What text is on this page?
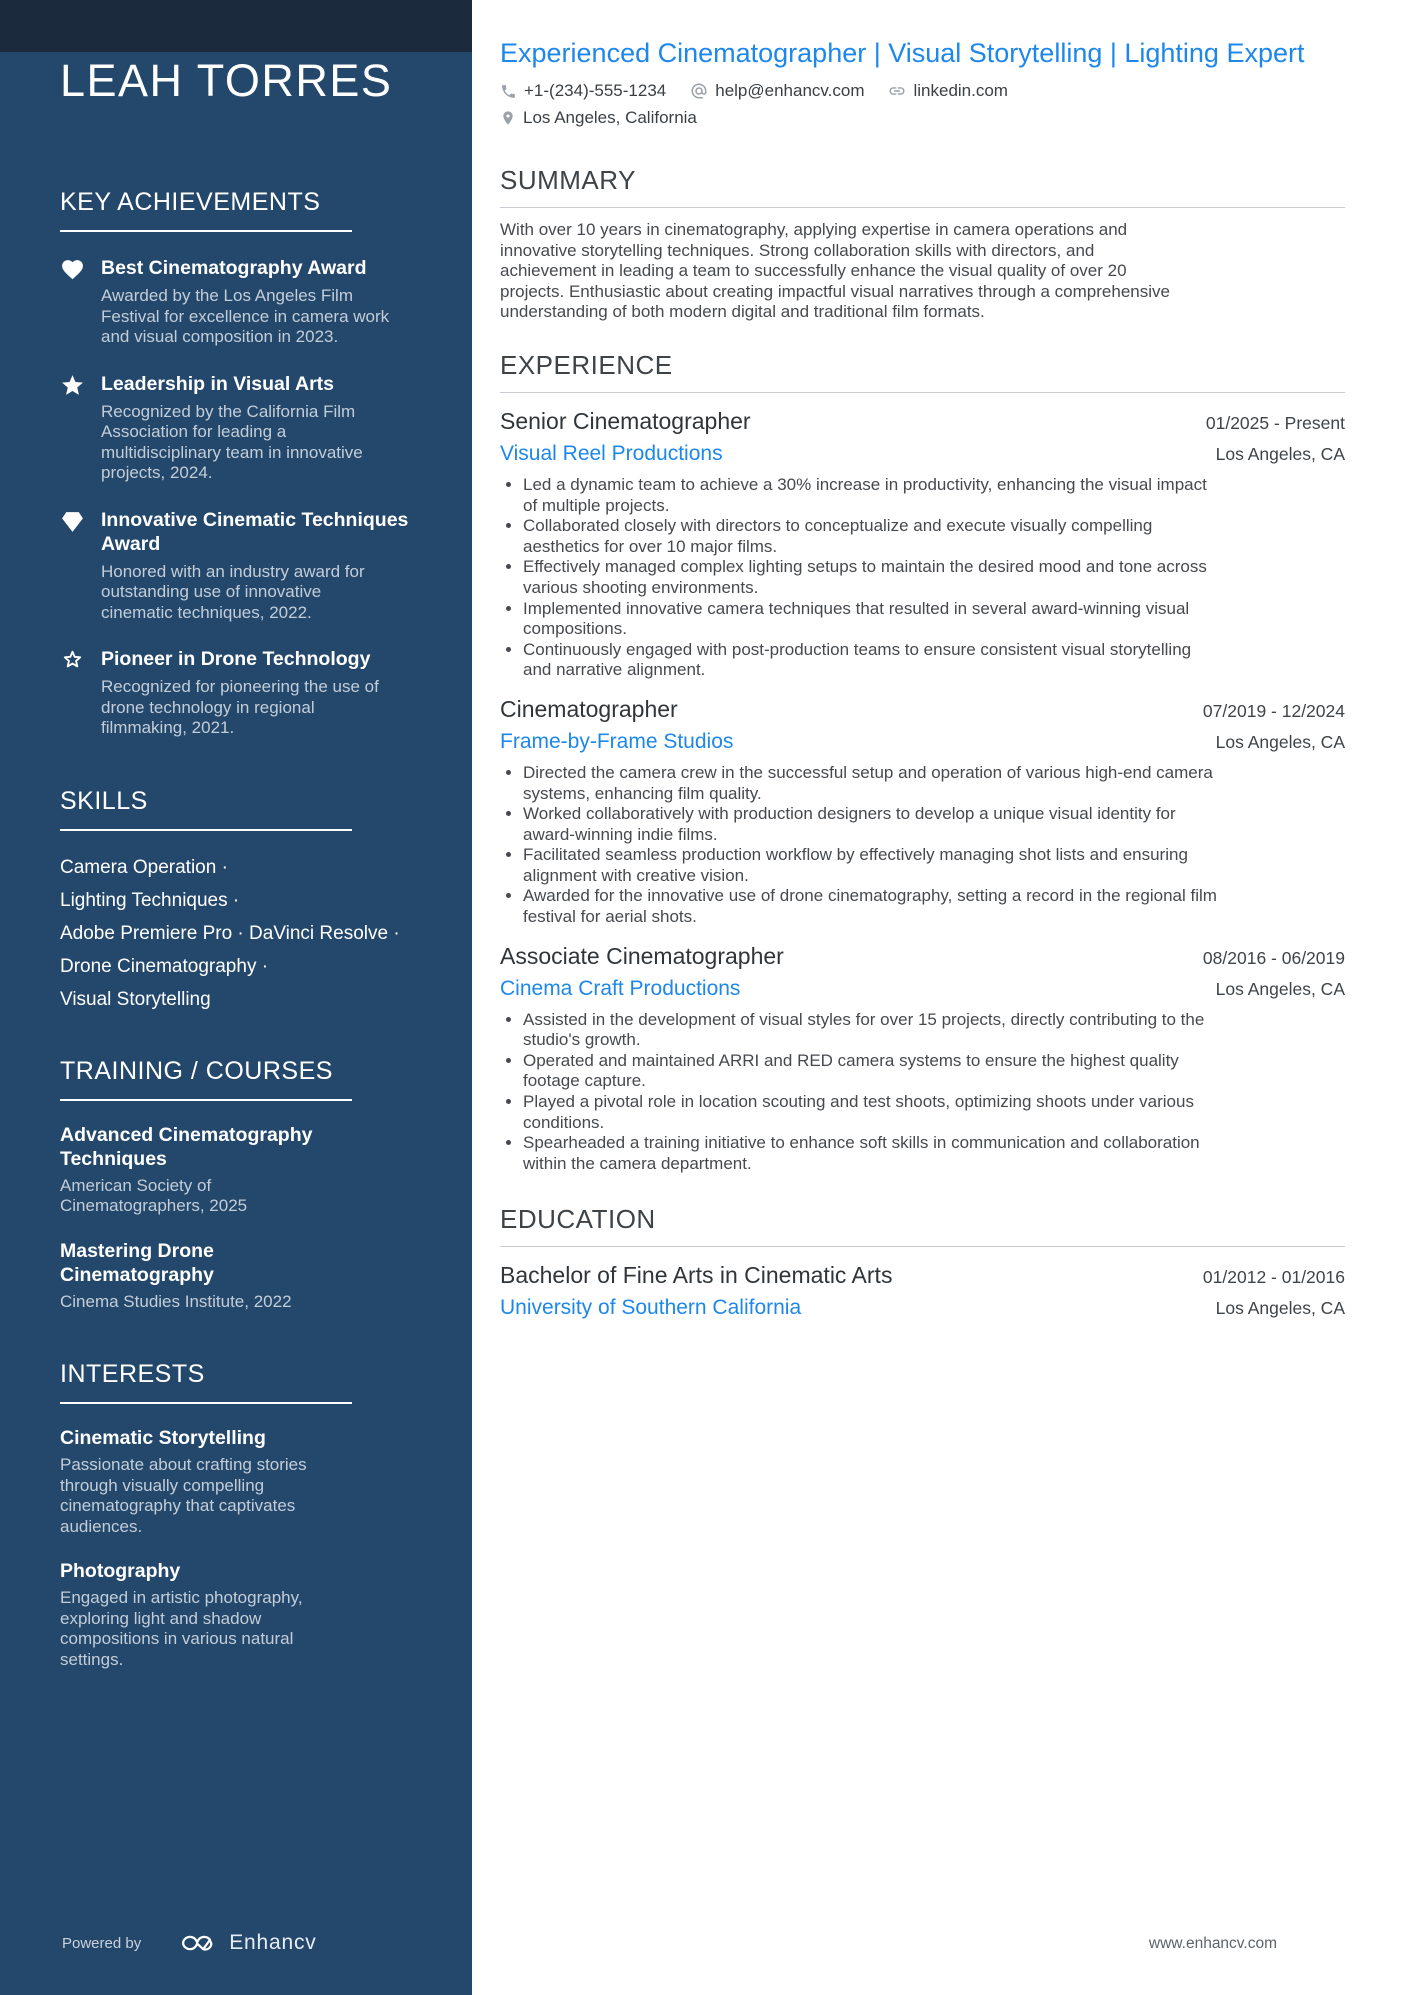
LEAH TORRES
KEY ACHIEVEMENTS

Best Cinematography Award

Awarded by the Los Angeles Film Festival for excellence in camera work and visual composition in 2023.

Leadership in Visual Arts

Recognized by the California Film Association for leading a multidisciplinary team in innovative projects, 2024.

Innovative Cinematic Techniques Award

Honored with an industry award for outstanding use of innovative cinematic techniques, 2022.

Pioneer in Drone Technology

Recognized for pioneering the use of drone technology in regional filmmaking, 2021.

SKILLS
Camera Operation ·
Lighting Techniques ·
Adobe Premiere Pro · DaVinci Resolve ·
Drone Cinematography ·
Visual Storytelling
TRAINING / COURSES

Advanced Cinematography Techniques

American Society of Cinematographers, 2025

Mastering Drone Cinematography

Cinema Studies Institute, 2022

INTERESTS

Cinematic Storytelling

Passionate about crafting stories through visually compelling cinematography that captivates audiences.

Photography

Engaged in artistic photography, exploring light and shadow compositions in various natural settings.

Powered by	Enhancv
Experienced Cinematographer | Visual Storytelling | Lighting Expert
+1-(234)-555-1234	help@enhancv.com	linkedin.com
Los Angeles, California
SUMMARY

With over 10 years in cinematography, applying expertise in camera operations and innovative storytelling techniques. Strong collaboration skills with directors, and achievement in leading a team to successfully enhance the visual quality of over 20 projects. Enthusiastic about creating impactful visual narratives through a comprehensive understanding of both modern digital and traditional film formats.

EXPERIENCE
Senior Cinematographer	01/2025 - Present
Visual Reel Productions	Los Angeles, CA
• Led a dynamic team to achieve a 30% increase in productivity, enhancing the visual impact of multiple projects.
• Collaborated closely with directors to conceptualize and execute visually compelling aesthetics for over 10 major films.
• Effectively managed complex lighting setups to maintain the desired mood and tone across various shooting environments.
• Implemented innovative camera techniques that resulted in several award-winning visual compositions.
• Continuously engaged with post-production teams to ensure consistent visual storytelling and narrative alignment.
Cinematographer	07/2019 - 12/2024
Frame-by-Frame Studios	Los Angeles, CA
• Directed the camera crew in the successful setup and operation of various high-end camera systems, enhancing film quality.
• Worked collaboratively with production designers to develop a unique visual identity for award-winning indie films.
• Facilitated seamless production workflow by effectively managing shot lists and ensuring alignment with creative vision.
• Awarded for the innovative use of drone cinematography, setting a record in the regional film festival for aerial shots.
Associate Cinematographer	08/2016 - 06/2019
Cinema Craft Productions	Los Angeles, CA
• Assisted in the development of visual styles for over 15 projects, directly contributing to the studio's growth.
• Operated and maintained ARRI and RED camera systems to ensure the highest quality footage capture.
• Played a pivotal role in location scouting and test shoots, optimizing shoots under various conditions.
• Spearheaded a training initiative to enhance soft skills in communication and collaboration within the camera department.
EDUCATION
Bachelor of Fine Arts in Cinematic Arts	01/2012 - 01/2016
University of Southern California	Los Angeles, CA
www.enhancv.com
